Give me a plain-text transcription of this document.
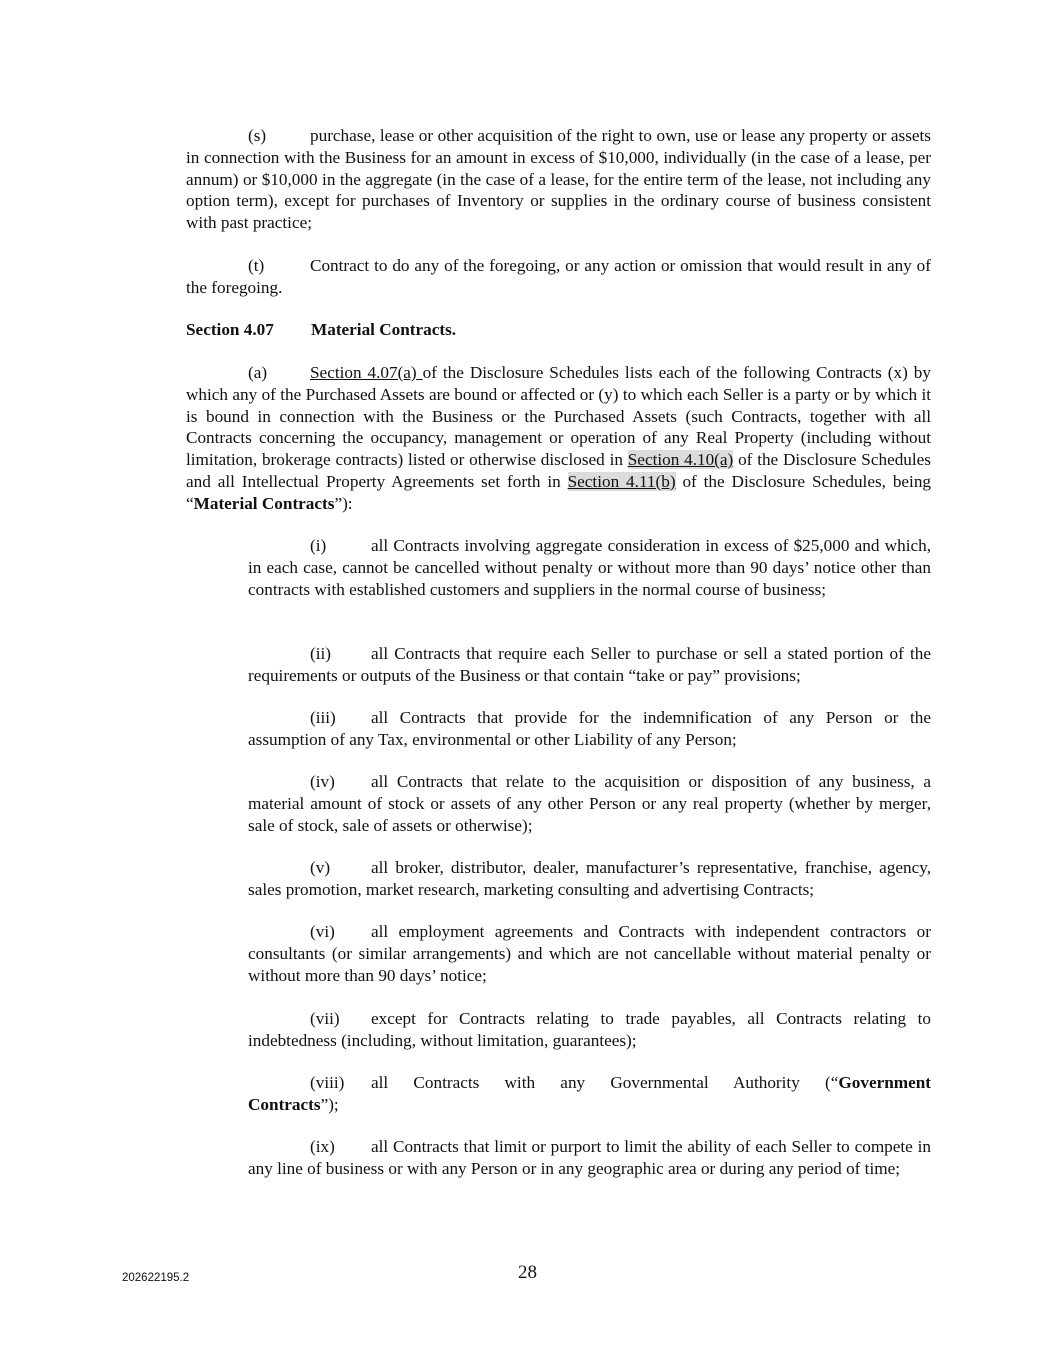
(s)	purchase, lease or other acquisition of the right to own, use or lease any property or assets in connection with the Business for an amount in excess of $10,000, individually (in the case of a lease, per annum) or $10,000 in the aggregate (in the case of a lease, for the entire term of the lease, not including any option term), except for purchases of Inventory or supplies in the ordinary course of business consistent with past practice;

(t)	Contract to do any of the foregoing, or any action or omission that would result in any of the foregoing.

Section 4.07 Material Contracts.

(a) Section 4.07(a) of the Disclosure Schedules lists each of the following Contracts (x) by which any of the Purchased Assets are bound or affected or (y) to which each Seller is a party or by which it is bound in connection with the Business or the Purchased Assets (such Contracts, together with all Contracts concerning the occupancy, management or operation of any Real Property (including without limitation, brokerage contracts) listed or otherwise disclosed in Section 4.10(a) of the Disclosure Schedules and all Intellectual Property Agreements set forth in Section 4.11(b) of the Disclosure Schedules, being “Material Contracts”):

(i)	all Contracts involving aggregate consideration in excess of $25,000 and which, in each case, cannot be cancelled without penalty or without more than 90 days’ notice other than contracts with established customers and suppliers in the normal course of business;

(ii) all Contracts that require each Seller to purchase or sell a stated portion of the requirements or outputs of the Business or that contain “take or pay” provisions;

(iii) all Contracts that provide for the indemnification of any Person or the assumption of any Tax, environmental or other Liability of any Person;

(iv) all Contracts that relate to the acquisition or disposition of any business, a material amount of stock or assets of any other Person or any real property (whether by merger, sale of stock, sale of assets or otherwise);

(v) all broker, distributor, dealer, manufacturer’s representative, franchise, agency, sales promotion, market research, marketing consulting and advertising Contracts;

(vi) all employment agreements and Contracts with independent contractors or consultants (or similar arrangements) and which are not cancellable without material penalty or without more than 90 days’ notice;

(vii) except for Contracts relating to trade payables, all Contracts relating to indebtedness (including, without limitation, guarantees);

(viii) all Contracts with any Governmental Authority (“Government Contracts”);

(ix) all Contracts that limit or purport to limit the ability of each Seller to compete in any line of business or with any Person or in any geographic area or during any period of time;

202622195.2	28
